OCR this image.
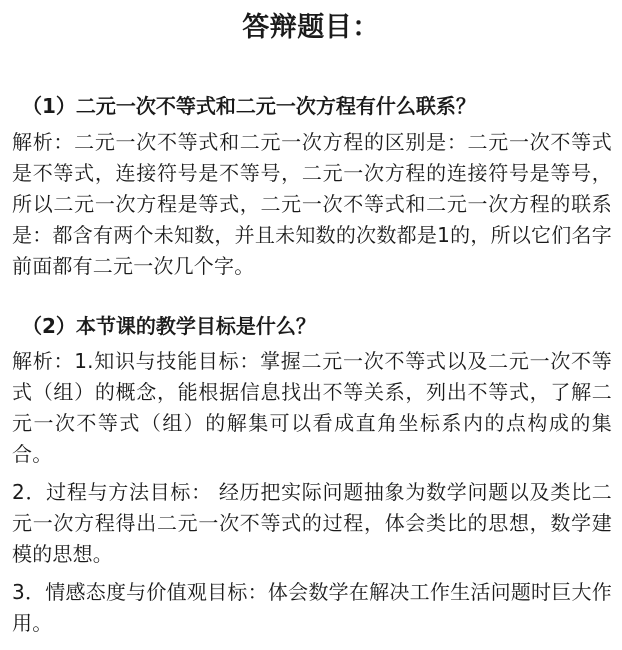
答辩题目：
（1）二元一次不等式和二元一次方程有什么联系？

解析：二元一次不等式和二元一次方程的区别是：二元一次不等式是不等式，连接符号是不等号，二元一次方程的连接符号是等号，所以二元一次方程是等式，二元一次不等式和二元一次方程的联系是：都含有两个未知数，并且未知数的次数都是1的，所以它们名字前面都有二元一次几个字。

（2）本节课的教学目标是什么？

解析：1.知识与技能目标：掌握二元一次不等式以及二元一次不等式（组）的概念，能根据信息找出不等关系，列出不等式，了解二元一次不等式（组）的解集可以看成直角坐标系内的点构成的集合。

2．过程与方法目标： 经历把实际问题抽象为数学问题以及类比二元一次方程得出二元一次不等式的过程，体会类比的思想，数学建模的思想。

3．情感态度与价值观目标：体会数学在解决工作生活问题时巨大作用。
